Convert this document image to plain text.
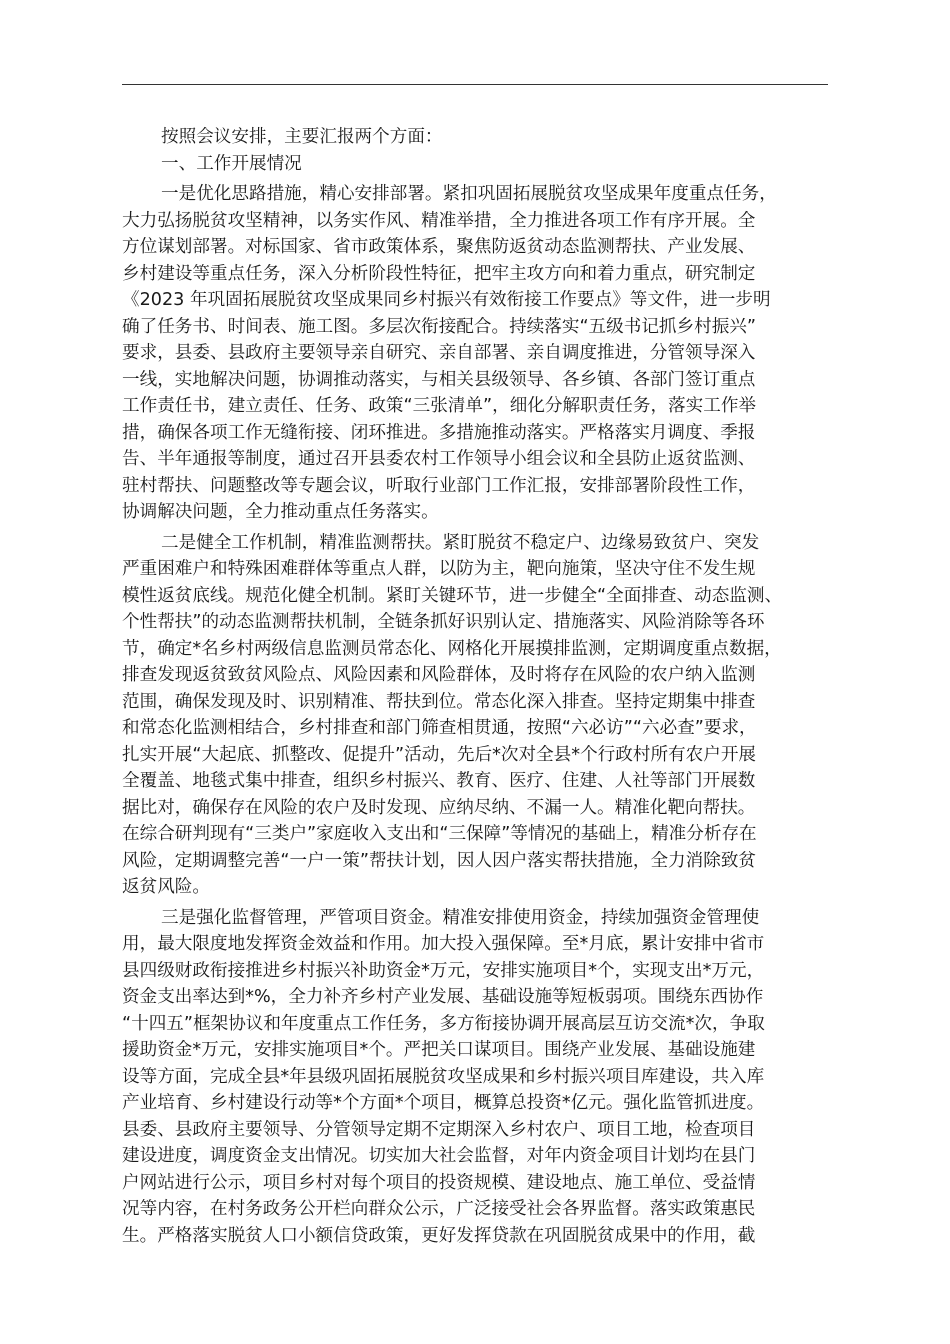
按照会议安排，主要汇报两个方面：
一、工作开展情况
一是优化思路措施，精心安排部署。紧扣巩固拓展脱贫攻坚成果年度重点任务，
大力弘扬脱贫攻坚精神，以务实作风、精准举措，全力推进各项工作有序开展。全
方位谋划部署。对标国家、省市政策体系，聚焦防返贫动态监测帮扶、产业发展、
乡村建设等重点任务，深入分析阶段性特征，把牢主攻方向和着力重点，研究制定
《2023 年巩固拓展脱贫攻坚成果同乡村振兴有效衔接工作要点》等文件，进一步明
确了任务书、时间表、施工图。多层次衔接配合。持续落实“五级书记抓乡村振兴”
要求，县委、县政府主要领导亲自研究、亲自部署、亲自调度推进，分管领导深入
一线，实地解决问题，协调推动落实，与相关县级领导、各乡镇、各部门签订重点
工作责任书，建立责任、任务、政策“三张清单”，细化分解职责任务，落实工作举
措，确保各项工作无缝衔接、闭环推进。多措施推动落实。严格落实月调度、季报
告、半年通报等制度，通过召开县委农村工作领导小组会议和全县防止返贫监测、
驻村帮扶、问题整改等专题会议，听取行业部门工作汇报，安排部署阶段性工作，
协调解决问题，全力推动重点任务落实。
二是健全工作机制，精准监测帮扶。紧盯脱贫不稳定户、边缘易致贫户、突发
严重困难户和特殊困难群体等重点人群，以防为主，靶向施策，坚决守住不发生规
模性返贫底线。规范化健全机制。紧盯关键环节，进一步健全“全面排查、动态监测、
个性帮扶”的动态监测帮扶机制，全链条抓好识别认定、措施落实、风险消除等各环
节，确定*名乡村两级信息监测员常态化、网格化开展摸排监测，定期调度重点数据，
排查发现返贫致贫风险点、风险因素和风险群体，及时将存在风险的农户纳入监测
范围，确保发现及时、识别精准、帮扶到位。常态化深入排查。坚持定期集中排查
和常态化监测相结合，乡村排查和部门筛查相贯通，按照“六必访”“六必查”要求，
扎实开展“大起底、抓整改、促提升”活动，先后*次对全县*个行政村所有农户开展
全覆盖、地毯式集中排查，组织乡村振兴、教育、医疗、住建、人社等部门开展数
据比对，确保存在风险的农户及时发现、应纳尽纳、不漏一人。精准化靶向帮扶。
在综合研判现有“三类户”家庭收入支出和“三保障”等情况的基础上，精准分析存在
风险，定期调整完善“一户一策”帮扶计划，因人因户落实帮扶措施，全力消除致贫
返贫风险。
三是强化监督管理，严管项目资金。精准安排使用资金，持续加强资金管理使
用，最大限度地发挥资金效益和作用。加大投入强保障。至*月底，累计安排中省市
县四级财政衔接推进乡村振兴补助资金*万元，安排实施项目*个，实现支出*万元，
资金支出率达到*%，全力补齐乡村产业发展、基础设施等短板弱项。围绕东西协作
“十四五”框架协议和年度重点工作任务，多方衔接协调开展高层互访交流*次，争取
援助资金*万元，安排实施项目*个。严把关口谋项目。围绕产业发展、基础设施建
设等方面，完成全县*年县级巩固拓展脱贫攻坚成果和乡村振兴项目库建设，共入库
产业培育、乡村建设行动等*个方面*个项目，概算总投资*亿元。强化监管抓进度。
县委、县政府主要领导、分管领导定期不定期深入乡村农户、项目工地，检查项目
建设进度，调度资金支出情况。切实加大社会监督，对年内资金项目计划均在县门
户网站进行公示，项目乡村对每个项目的投资规模、建设地点、施工单位、受益情
况等内容，在村务政务公开栏向群众公示，广泛接受社会各界监督。落实政策惠民
生。严格落实脱贫人口小额信贷政策，更好发挥贷款在巩固脱贫成果中的作用，截
